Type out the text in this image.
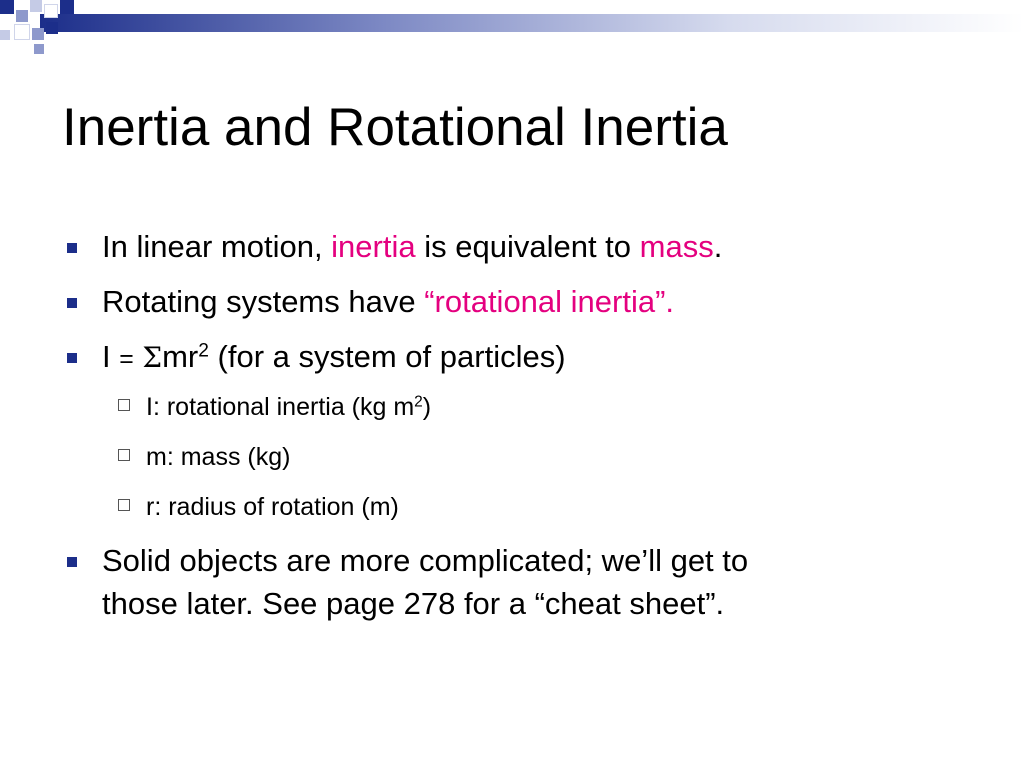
Inertia and Rotational Inertia
In linear motion, inertia is equivalent to mass.
Rotating systems have “rotational inertia”.
I = Σmr$^2$ (for a system of particles)
I: rotational inertia (kg $m^2$)
m: mass (kg)
r: radius of rotation (m)
Solid objects are more complicated; we’ll get to
those later. See page 278 for a “cheat sheet”.
